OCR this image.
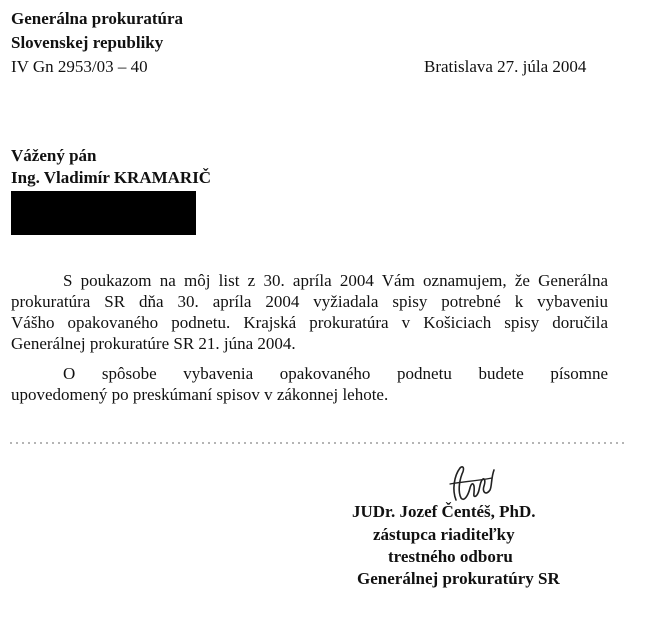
Generálna prokuratúra
Slovenskej republiky
IV Gn 2953/03 – 40	Bratislava 27. júla 2004
Vážený pán
Ing. Vladimír KRAMARIČ
S poukazom na môj list z 30. apríla 2004 Vám oznamujem, že Generálna
prokuratúra SR dňa 30. apríla 2004 vyžiadala spisy potrebné k vybaveniu
Vášho opakovaného podnetu. Krajská prokuratúra v Košiciach spisy doručila
Generálnej prokuratúre SR 21. júna 2004.
O spôsobe vybavenia opakovaného podnetu budete písomne
upovedomený po preskúmaní spisov v zákonnej lehote.
JUDr. Jozef Čentéš, PhD.
zástupca riaditeľky
trestného odboru
Generálnej prokuratúry SR
